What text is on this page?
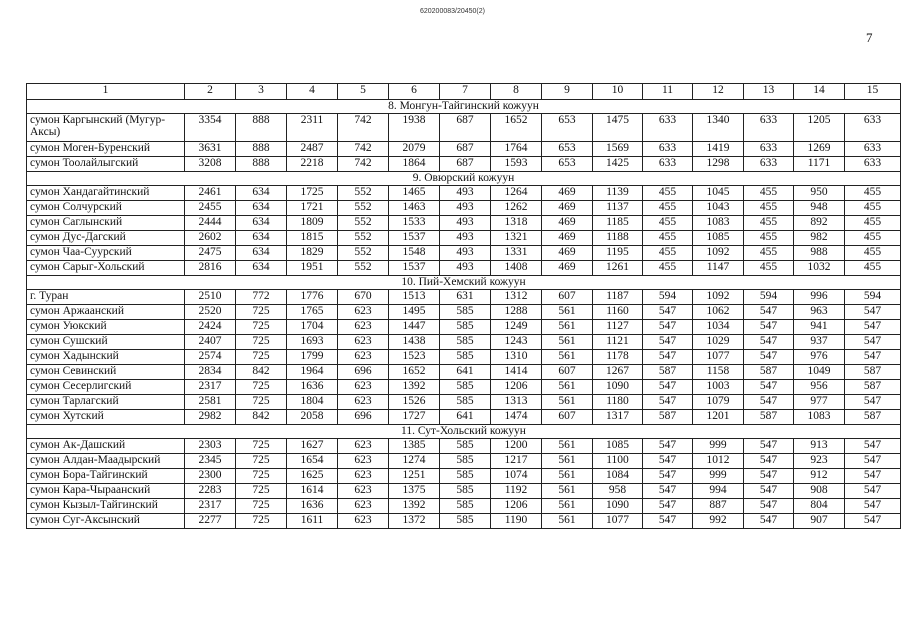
620200083/20450(2)
7
1	2	3	4	5	6	7	8	9	10	11	12	13	14	15
8. Монгун-Тайгинский кожуун														
сумон Каргынский (Мугур-Аксы)	3354	888	2311	742	1938	687	1652	653	1475	633	1340	633	1205	633
сумон Моген-Буренский	3631	888	2487	742	2079	687	1764	653	1569	633	1419	633	1269	633
сумон Тоолайлыгский	3208	888	2218	742	1864	687	1593	653	1425	633	1298	633	1171	633
9. Овюрский кожуун														
сумон Хандагайтинский	2461	634	1725	552	1465	493	1264	469	1139	455	1045	455	950	455
сумон Солчурский	2455	634	1721	552	1463	493	1262	469	1137	455	1043	455	948	455
сумон Саглынский	2444	634	1809	552	1533	493	1318	469	1185	455	1083	455	892	455
сумон Дус-Дагский	2602	634	1815	552	1537	493	1321	469	1188	455	1085	455	982	455
сумон Чаа-Суурский	2475	634	1829	552	1548	493	1331	469	1195	455	1092	455	988	455
сумон Сарыг-Хольский	2816	634	1951	552	1537	493	1408	469	1261	455	1147	455	1032	455
10. Пий-Хемский кожуун														
г. Туран	2510	772	1776	670	1513	631	1312	607	1187	594	1092	594	996	594
сумон Аржаанский	2520	725	1765	623	1495	585	1288	561	1160	547	1062	547	963	547
сумон Уюкский	2424	725	1704	623	1447	585	1249	561	1127	547	1034	547	941	547
сумон Сушский	2407	725	1693	623	1438	585	1243	561	1121	547	1029	547	937	547
сумон Хадынский	2574	725	1799	623	1523	585	1310	561	1178	547	1077	547	976	547
сумон Севинский	2834	842	1964	696	1652	641	1414	607	1267	587	1158	587	1049	587
сумон Сесерлигский	2317	725	1636	623	1392	585	1206	561	1090	547	1003	547	956	587
сумон Тарлагский	2581	725	1804	623	1526	585	1313	561	1180	547	1079	547	977	547
сумон Хутский	2982	842	2058	696	1727	641	1474	607	1317	587	1201	587	1083	587
11. Сут-Хольский кожуун														
сумон Ак-Дашский	2303	725	1627	623	1385	585	1200	561	1085	547	999	547	913	547
сумон Алдан-Маадырский	2345	725	1654	623	1274	585	1217	561	1100	547	1012	547	923	547
сумон Бора-Тайгинский	2300	725	1625	623	1251	585	1074	561	1084	547	999	547	912	547
сумон Кара-Чыраанский	2283	725	1614	623	1375	585	1192	561	958	547	994	547	908	547
сумон Кызыл-Тайгинский	2317	725	1636	623	1392	585	1206	561	1090	547	887	547	804	547
сумон Суг-Аксынский	2277	725	1611	623	1372	585	1190	561	1077	547	992	547	907	547
